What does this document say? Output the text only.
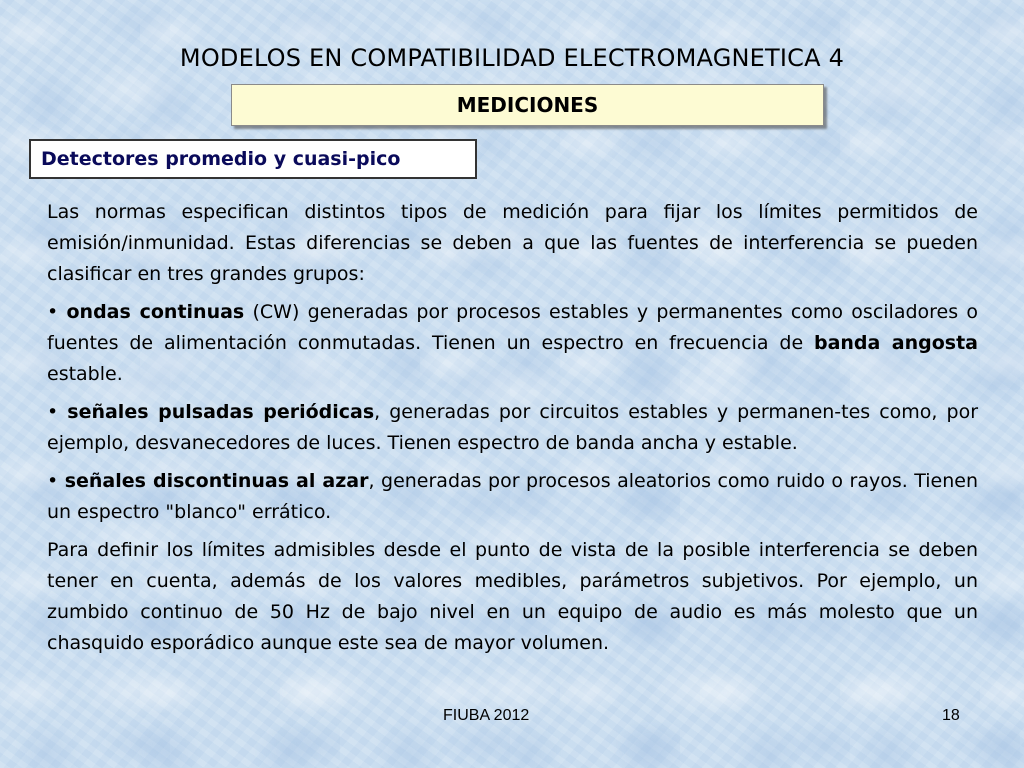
MODELOS EN COMPATIBILIDAD ELECTROMAGNETICA 4
MEDICIONES
Detectores promedio y cuasi-pico

Las normas especifican distintos tipos de medición para fijar los límites permitidos de emisión/inmunidad. Estas diferencias se deben a que las fuentes de interferencia se pueden clasificar en tres grandes grupos:

• ondas continuas (CW) generadas por procesos estables y permanentes como osciladores o fuentes de alimentación conmutadas. Tienen un espectro en frecuencia de banda angosta estable.

• señales pulsadas periódicas, generadas por circuitos estables y permanen-tes como, por ejemplo, desvanecedores de luces. Tienen espectro de banda ancha y estable.

• señales discontinuas al azar, generadas por procesos aleatorios como ruido o rayos. Tienen un espectro "blanco" errático.

Para definir los límites admisibles desde el punto de vista de la posible interferencia se deben tener en cuenta, además de los valores medibles, parámetros subjetivos. Por ejemplo, un zumbido continuo de 50 Hz de bajo nivel en un equipo de audio es más molesto que un chasquido esporádico aunque este sea de mayor volumen.

FIUBA 2012	18
